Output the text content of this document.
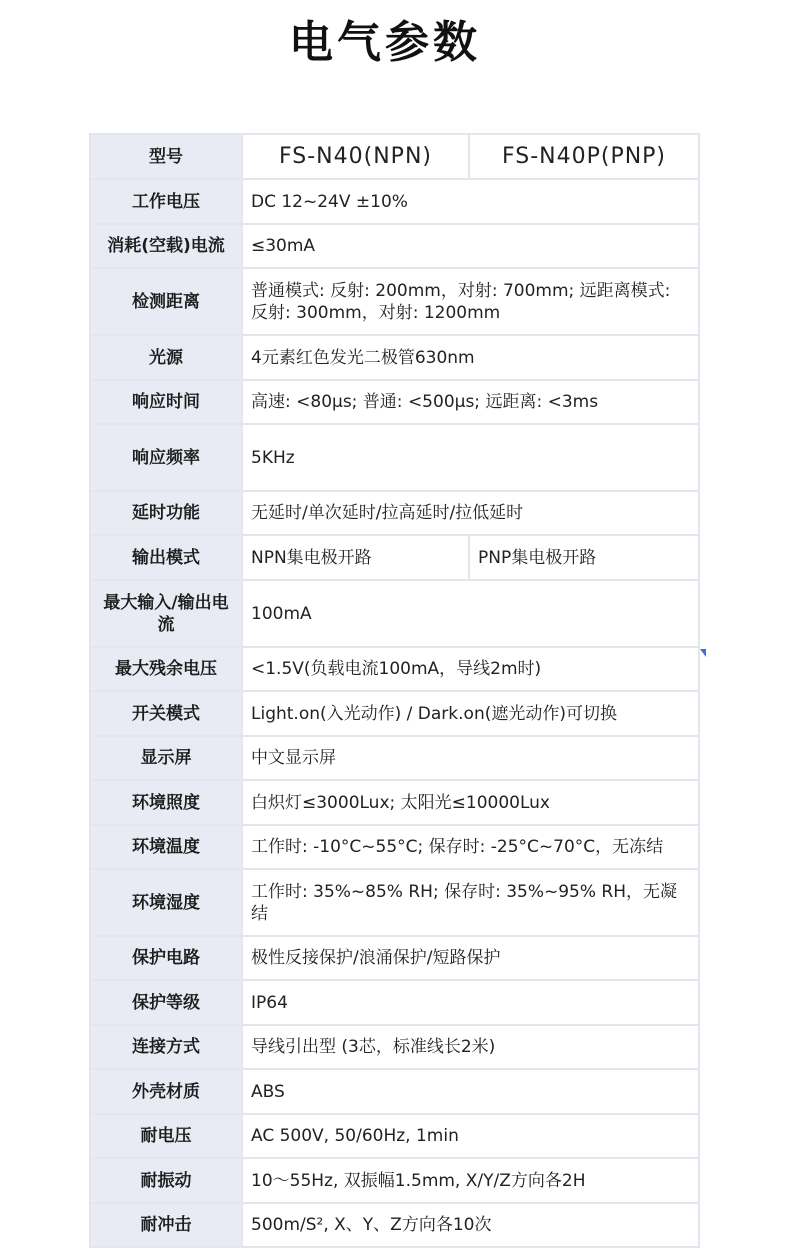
电气参数
型号	FS-N40(NPN)	FS-N40P(PNP)
工作电压	DC 12~24V ±10%	
消耗(空载)电流	≤30mA	
检测距离	普通模式: 反射: 200mm，对射: 700mm; 远距离模式: 反射: 300mm，对射: 1200mm	
光源	4元素红色发光二极管630nm	
响应时间	高速: <80µs; 普通: <500µs; 远距离: <3ms	
响应频率	5KHz	
延时功能	无延时/单次延时/拉高延时/拉低延时	
输出模式	NPN集电极开路	PNP集电极开路
最大输入/输出电流	100mA	
最大残余电压	<1.5V(负载电流100mA，导线2m时)	
开关模式	Light.on(入光动作) / Dark.on(遮光动作)可切换	
显示屏	中文显示屏	
环境照度	白炽灯≤3000Lux; 太阳光≤10000Lux	
环境温度	工作时: -10°C~55°C; 保存时: -25°C~70°C，无冻结	
环境湿度	工作时: 35%~85% RH; 保存时: 35%~95% RH，无凝结	
保护电路	极性反接保护/浪涌保护/短路保护	
保护等级	IP64	
连接方式	导线引出型 (3芯，标准线长2米)	
外壳材质	ABS	
耐电压	AC 500V, 50/60Hz, 1min	
耐振动	10～55Hz, 双振幅1.5mm, X/Y/Z方向各2H	
耐冲击	500m/S², X、Y、Z方向各10次	
